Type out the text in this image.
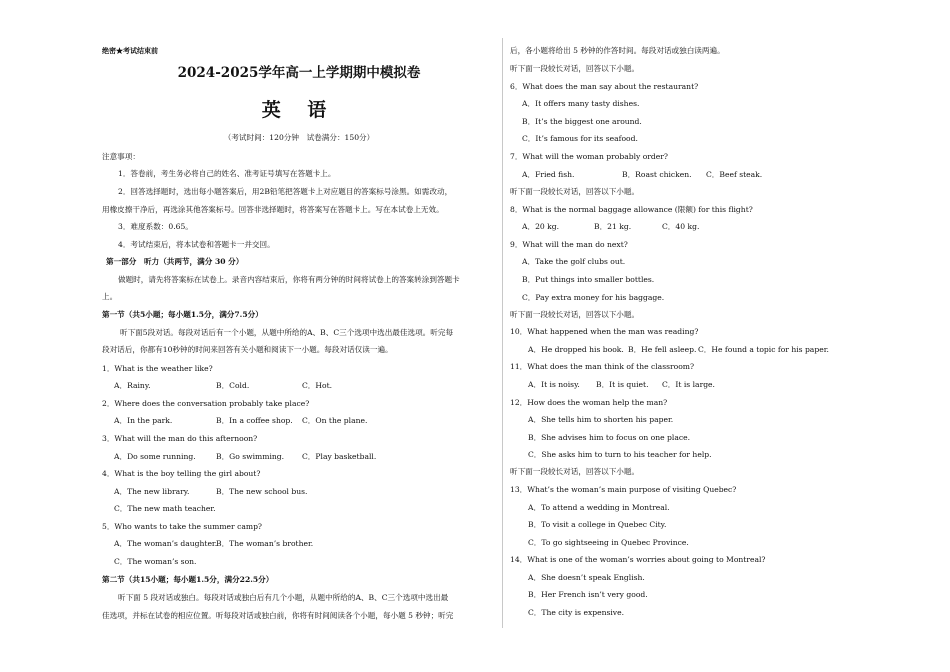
绝密★考试结束前
2024-2025学年高一上学期期中模拟卷
英 语
（考试时间：120分钟　试卷满分：150分）
注意事项：
1．答卷前，考生务必将自己的姓名、准考证号填写在答题卡上。
2．回答选择题时，选出每小题答案后，用2B铅笔把答题卡上对应题目的答案标号涂黑。如需改动，
用橡皮擦干净后，再选涂其他答案标号。回答非选择题时，将答案写在答题卡上。写在本试卷上无效。
3．难度系数：0.65。
4．考试结束后，将本试卷和答题卡一并交回。
第一部分　听力（共两节，满分 30 分）
做题时，请先将答案标在试卷上。录音内容结束后，你将有两分钟的时间将试卷上的答案转涂到答题卡
上。
第一节（共5小题；每小题1.5分，满分7.5分）
听下面5段对话。每段对话后有一个小题，从题中所给的A、B、C三个选项中选出最佳选项。听完每
段对话后，你都有10秒钟的时间来回答有关小题和阅读下一小题。每段对话仅读一遍。
1．What is the weather like?
A．Rainy.	B．Cold.	C．Hot.
2．Where does the conversation probably take place?
A．In the park.	B．In a coffee shop. C．On the plane.
3．What will the man do this afternoon?
A．Do some running.	B．Go swimming. C．Play basketball.
4．What is the boy telling the girl about?
A．The new library.	B．The new school bus.
C．The new math teacher.
5．Who wants to take the summer camp?
A．The woman’s daughter.
B．The woman’s brother.
C．The woman’s son.
第二节（共15小题；每小题1.5分，满分22.5分）
听下面 5 段对话或独白。每段对话或独白后有几个小题，从题中所给的A、B、C三个选项中选出最
佳选项，并标在试卷的相应位置。听每段对话或独白前，你将有时间阅读各个小题，每小题 5 秒钟；听完
后，各小题将给出 5 秒钟的作答时间。每段对话或独白读两遍。
听下面一段较长对话，回答以下小题。
6．What does the man say about the restaurant?
A．It offers many tasty dishes.
B．It’s the biggest one around.
C．It’s famous for its seafood.
7．What will the woman probably order?
A．Fried fish.	B．Roast chicken. C．Beef steak.
听下面一段较长对话，回答以下小题。
8．What is the normal baggage allowance (限额) for this flight?
A．20 kg.	B．21 kg.	C．40 kg.
9．What will the man do next?
A．Take the golf clubs out.
B．Put things into smaller bottles.
C．Pay extra money for his baggage.
听下面一段较长对话，回答以下小题。
10．What happened when the man was reading?
A．He dropped his book. B．He fell asleep. C．He found a topic for his paper.
11．What does the man think of the classroom?
A．It is noisy. B．It is quiet. C．It is large.
12．How does the woman help the man?
A．She tells him to shorten his paper.
B．She advises him to focus on one place.
C．She asks him to turn to his teacher for help.
听下面一段较长对话，回答以下小题。
13．What’s the woman’s main purpose of visiting Quebec?
A．To attend a wedding in Montreal.
B．To visit a college in Quebec City.
C．To go sightseeing in Quebec Province.
14．What is one of the woman’s worries about going to Montreal?
A．She doesn’t speak English.
B．Her French isn’t very good.
C．The city is expensive.
